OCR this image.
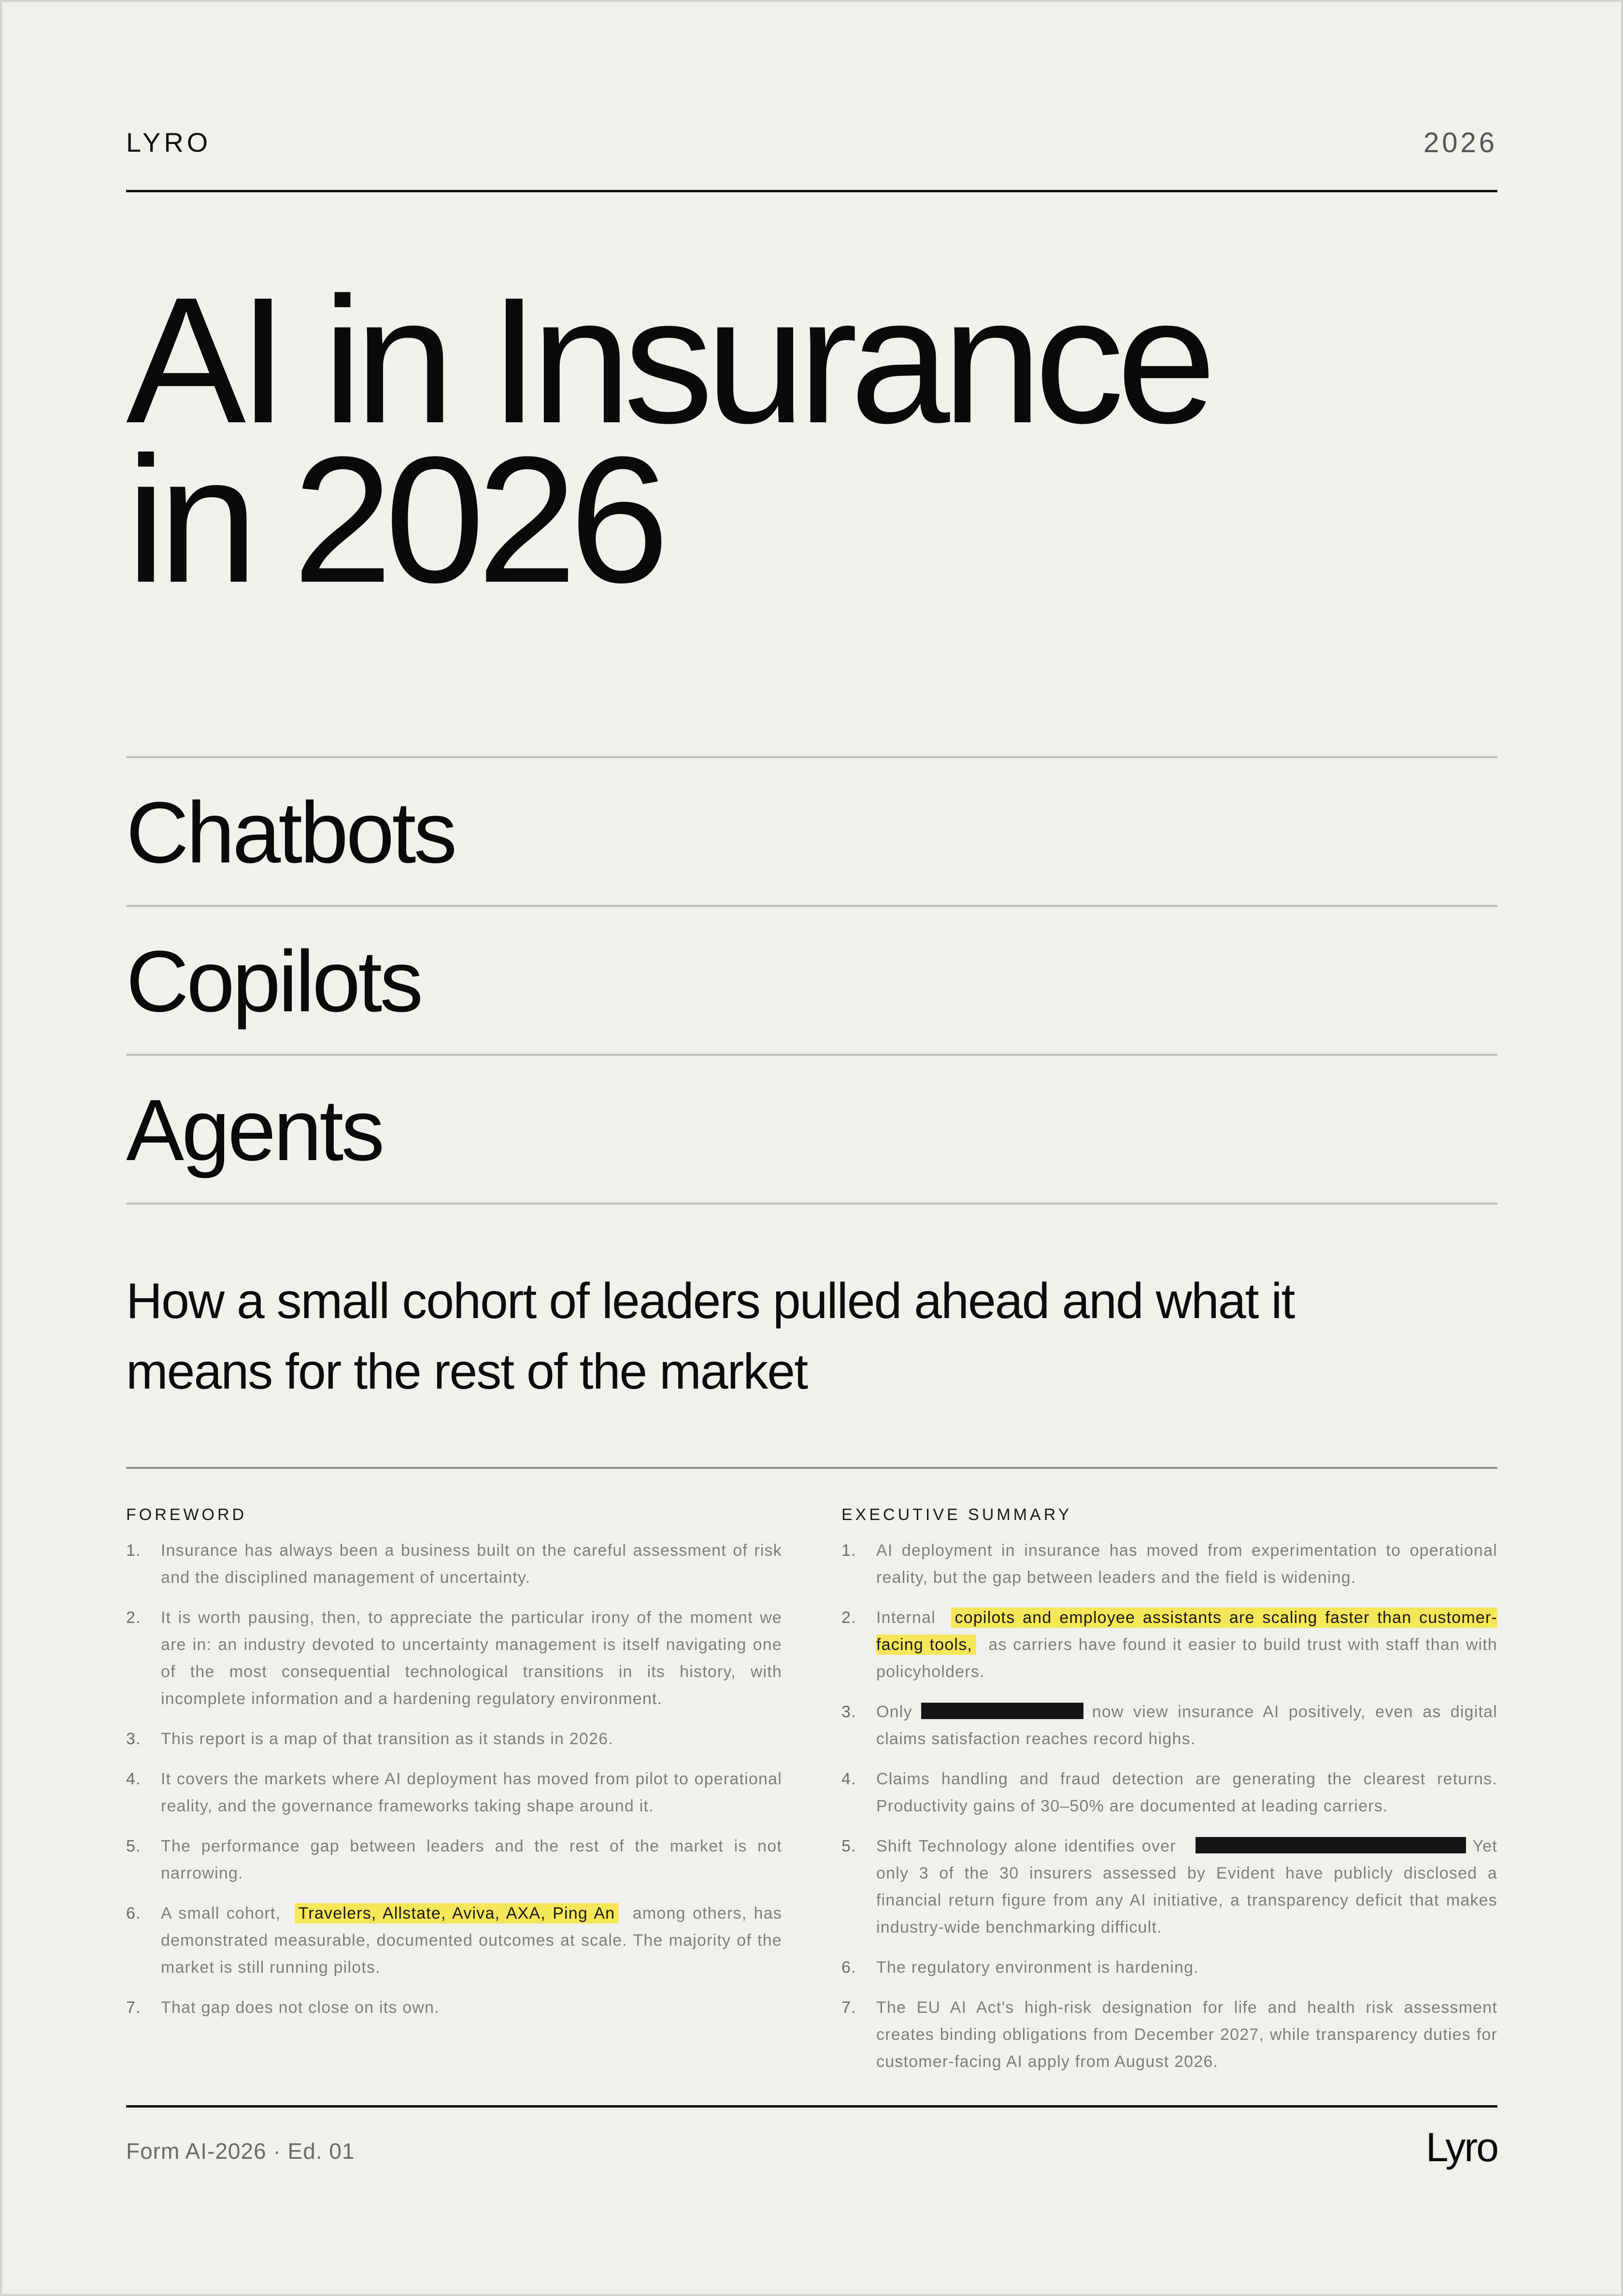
LYRO	2026
AI in Insurance
in 2026
Chatbots
Copilots
Agents

How a small cohort of leaders pulled ahead and what it means for the rest of the market

FOREWORD
1. Insurance has always been a business built on the careful assessment of risk and the disciplined management of uncertainty.
2. It is worth pausing, then, to appreciate the particular irony of the moment we are in: an industry devoted to uncertainty management is itself navigating one of the most consequential technological transitions in its history, with incomplete information and a hardening regulatory environment.
3. This report is a map of that transition as it stands in 2026.
4. It covers the markets where AI deployment has moved from pilot to operational reality, and the governance frameworks taking shape around it.
5. The performance gap between leaders and the rest of the market is not narrowing.
6. A small cohort, Travelers, Allstate, Aviva, AXA, Ping An among others, has demonstrated measurable, documented outcomes at scale. The majority of the market is still running pilots.
7. That gap does not close on its own.
EXECUTIVE SUMMARY
1. AI deployment in insurance has moved from experimentation to operational reality, but the gap between leaders and the field is widening.
2. Internal copilots and employee assistants are scaling faster than customer-facing tools, as carriers have found it easier to build trust with staff than with policyholders.
3. Only	now view insurance AI positively, even as digital claims satisfaction reaches record highs.
4. Claims handling and fraud detection are generating the clearest returns. Productivity gains of 30–50% are documented at leading carriers.
5. Shift Technology alone identifies over	Yet only 3 of the 30 insurers assessed by Evident have publicly disclosed a financial return figure from any AI initiative, a transparency deficit that makes industry-wide benchmarking difficult.
6. The regulatory environment is hardening.
7. The EU AI Act's high-risk designation for life and health risk assessment creates binding obligations from December 2027, while transparency duties for customer-facing AI apply from August 2026.
Form AI-2026 · Ed. 01	Lyro
